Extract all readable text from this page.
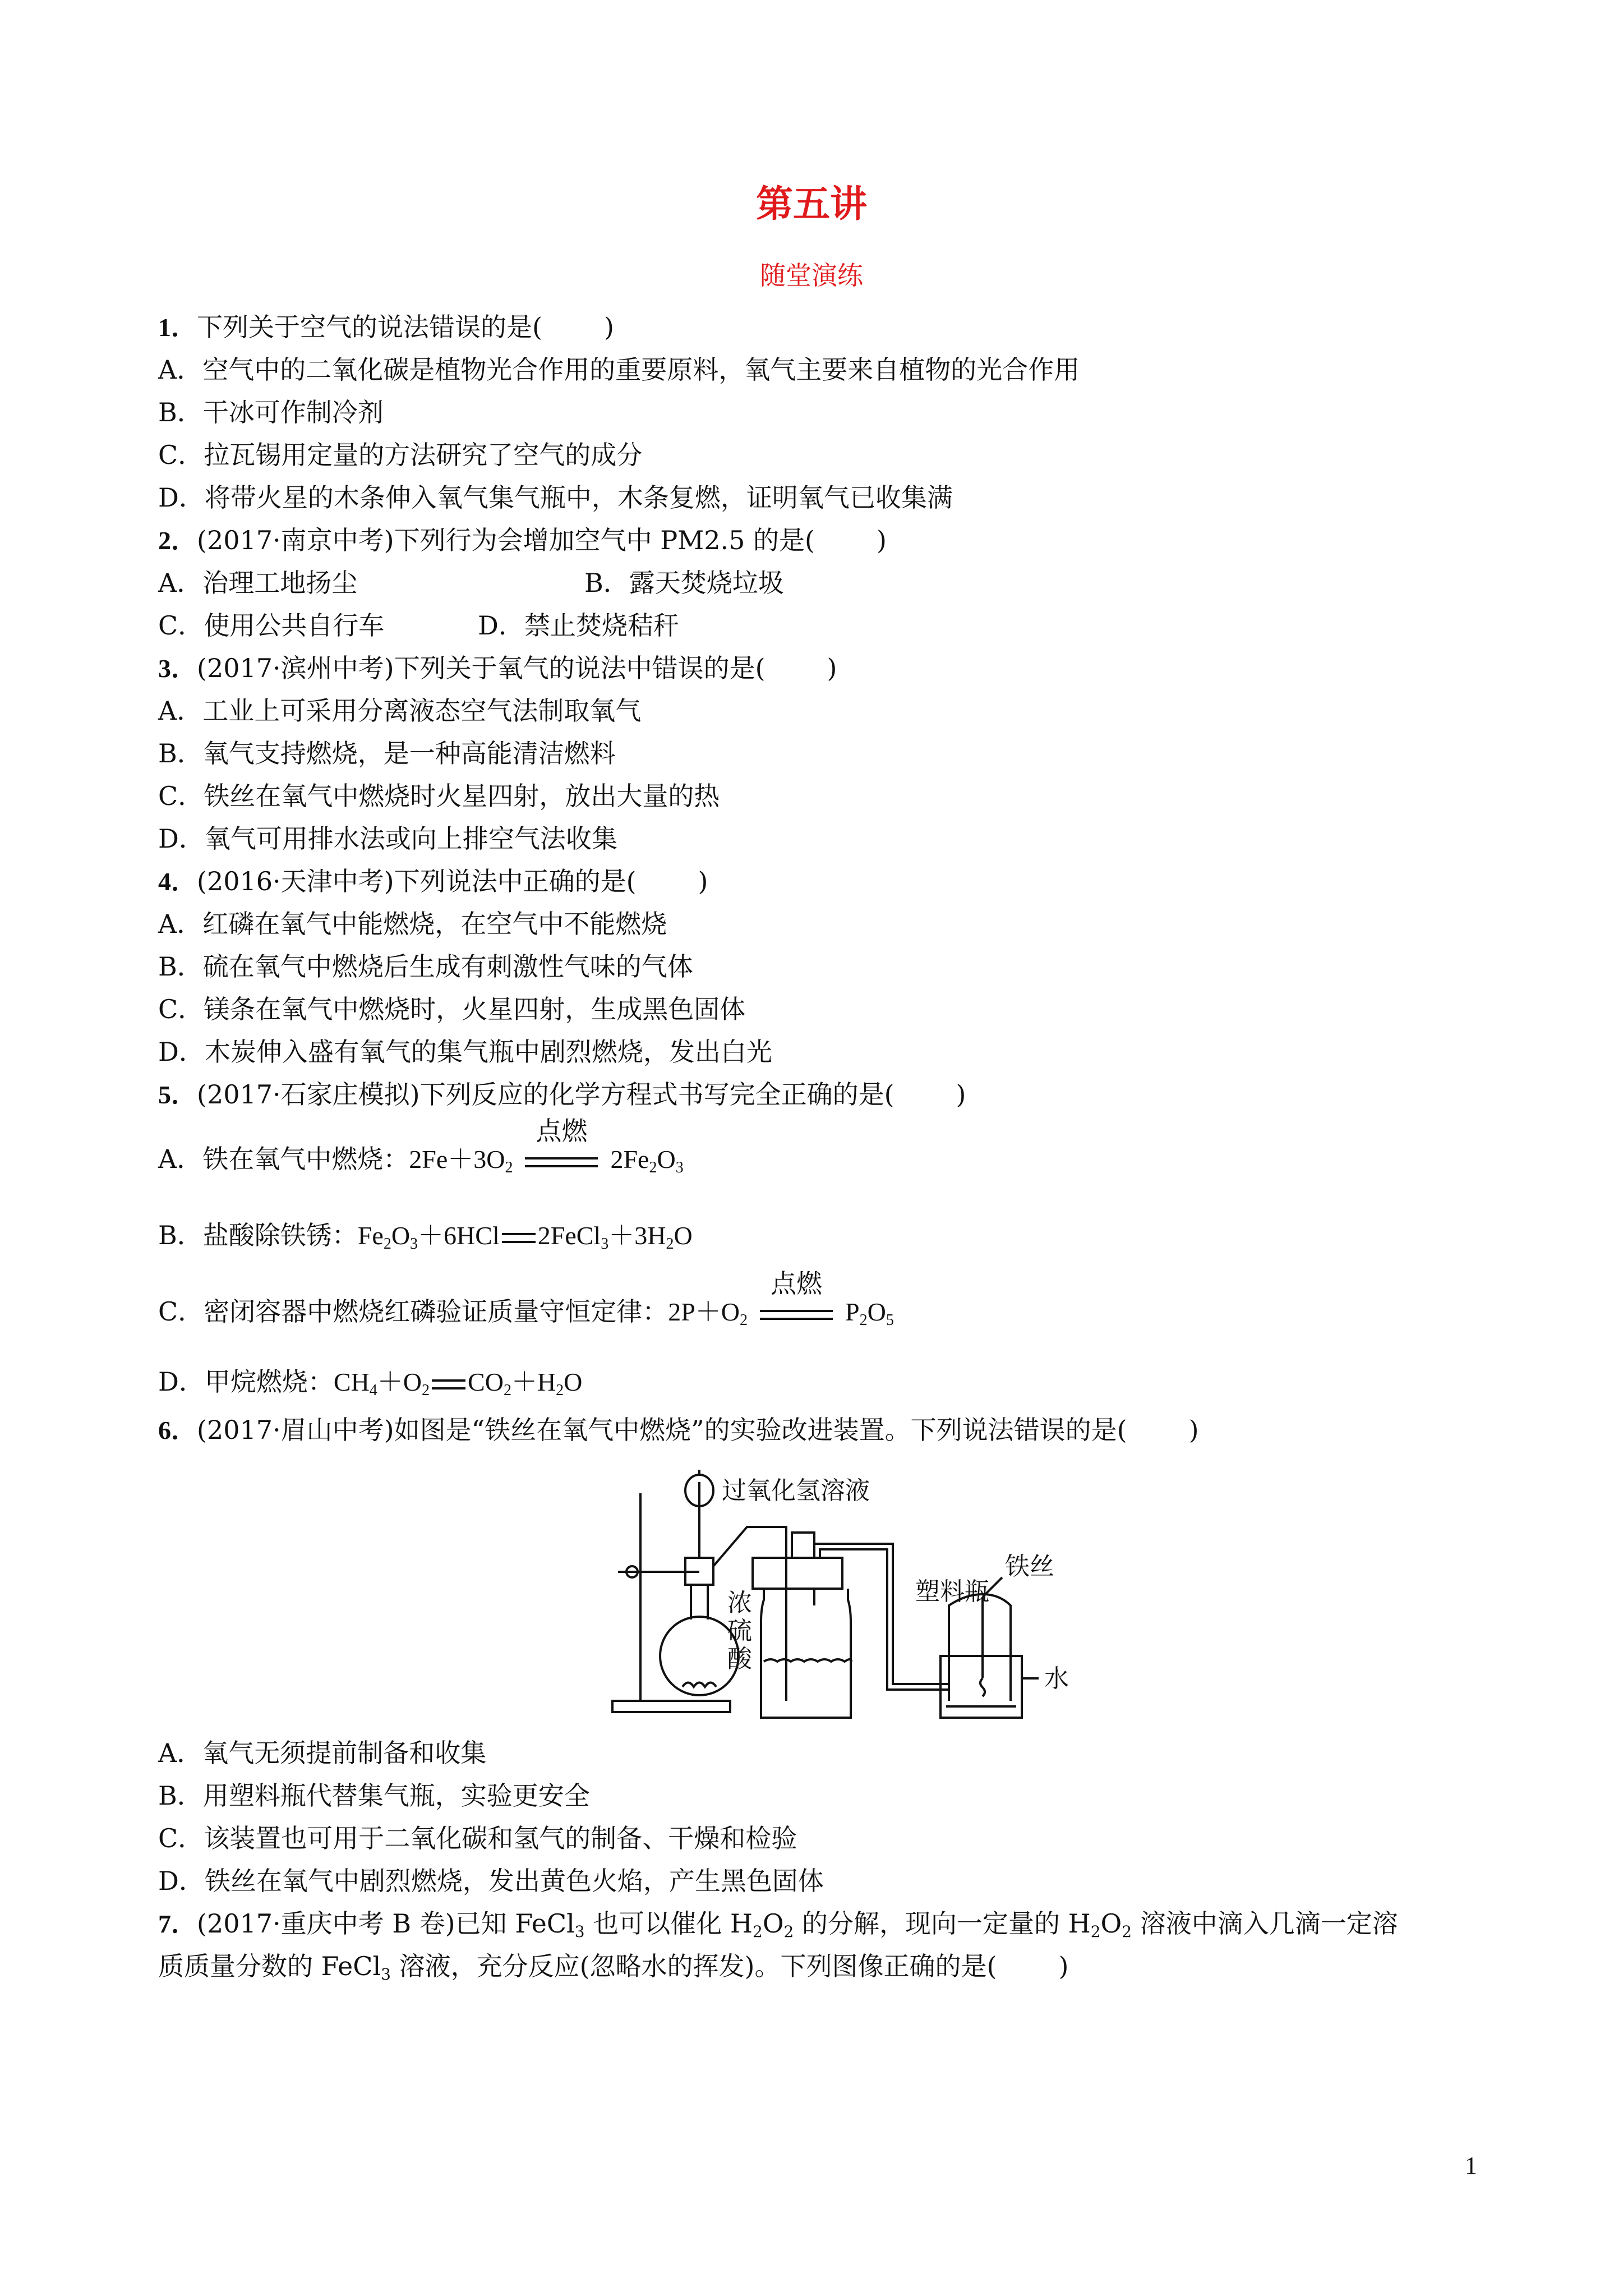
第五讲
随堂演练
1．下列关于空气的说法错误的是( )
A．空气中的二氧化碳是植物光合作用的重要原料，氧气主要来自植物的光合作用
B．干冰可作制冷剂
C．拉瓦锡用定量的方法研究了空气的成分
D．将带火星的木条伸入氧气集气瓶中，木条复燃，证明氧气已收集满
2．(2017·南京中考)下列行为会增加空气中 PM2.5 的是( )
A．治理工地扬尘	B．露天焚烧垃圾
C．使用公共自行车	D．禁止焚烧秸秆
3．(2017·滨州中考)下列关于氧气的说法中错误的是( )
A．工业上可采用分离液态空气法制取氧气
B．氧气支持燃烧，是一种高能清洁燃料
C．铁丝在氧气中燃烧时火星四射，放出大量的热
D．氧气可用排水法或向上排空气法收集
4．(2016·天津中考)下列说法中正确的是( )
A．红磷在氧气中能燃烧，在空气中不能燃烧
B．硫在氧气中燃烧后生成有刺激性气味的气体
C．镁条在氧气中燃烧时，火星四射，生成黑色固体
D．木炭伸入盛有氧气的集气瓶中剧烈燃烧，发出白光
5．(2017·石家庄模拟)下列反应的化学方程式书写完全正确的是( )
A．铁在氧气中燃烧：$2Fe+3O_2$
点燃
$2Fe_2O_3$
B．盐酸除铁锈：$Fe_2O_3+6HCl$ $2FeCl_3+3H_2O$
C．密闭容器中燃烧红磷验证质量守恒定律：$2P+O_2$
点燃
$P_2O_5$
D．甲烷燃烧：$CH_4+O_2$ $CO_2+H_2O$
6．(2017·眉山中考)如图是“铁丝在氧气中燃烧”的实验改进装置。下列说法错误的是( )
过氧化氢溶液
浓
硫
酸
塑料瓶
铁丝
水
A．氧气无须提前制备和收集
B．用塑料瓶代替集气瓶，实验更安全
C．该装置也可用于二氧化碳和氢气的制备、干燥和检验
D．铁丝在氧气中剧烈燃烧，发出黄色火焰，产生黑色固体
7．(2017·重庆中考 B 卷)已知 FeCl$_3$ 也可以催化 $H_2O_2$ 的分解，现向一定量的 $H_2O_2$ 溶液中滴入几滴一定溶
质质量分数的 FeCl$_3$ 溶液，充分反应(忽略水的挥发)。下列图像正确的是( )
1
